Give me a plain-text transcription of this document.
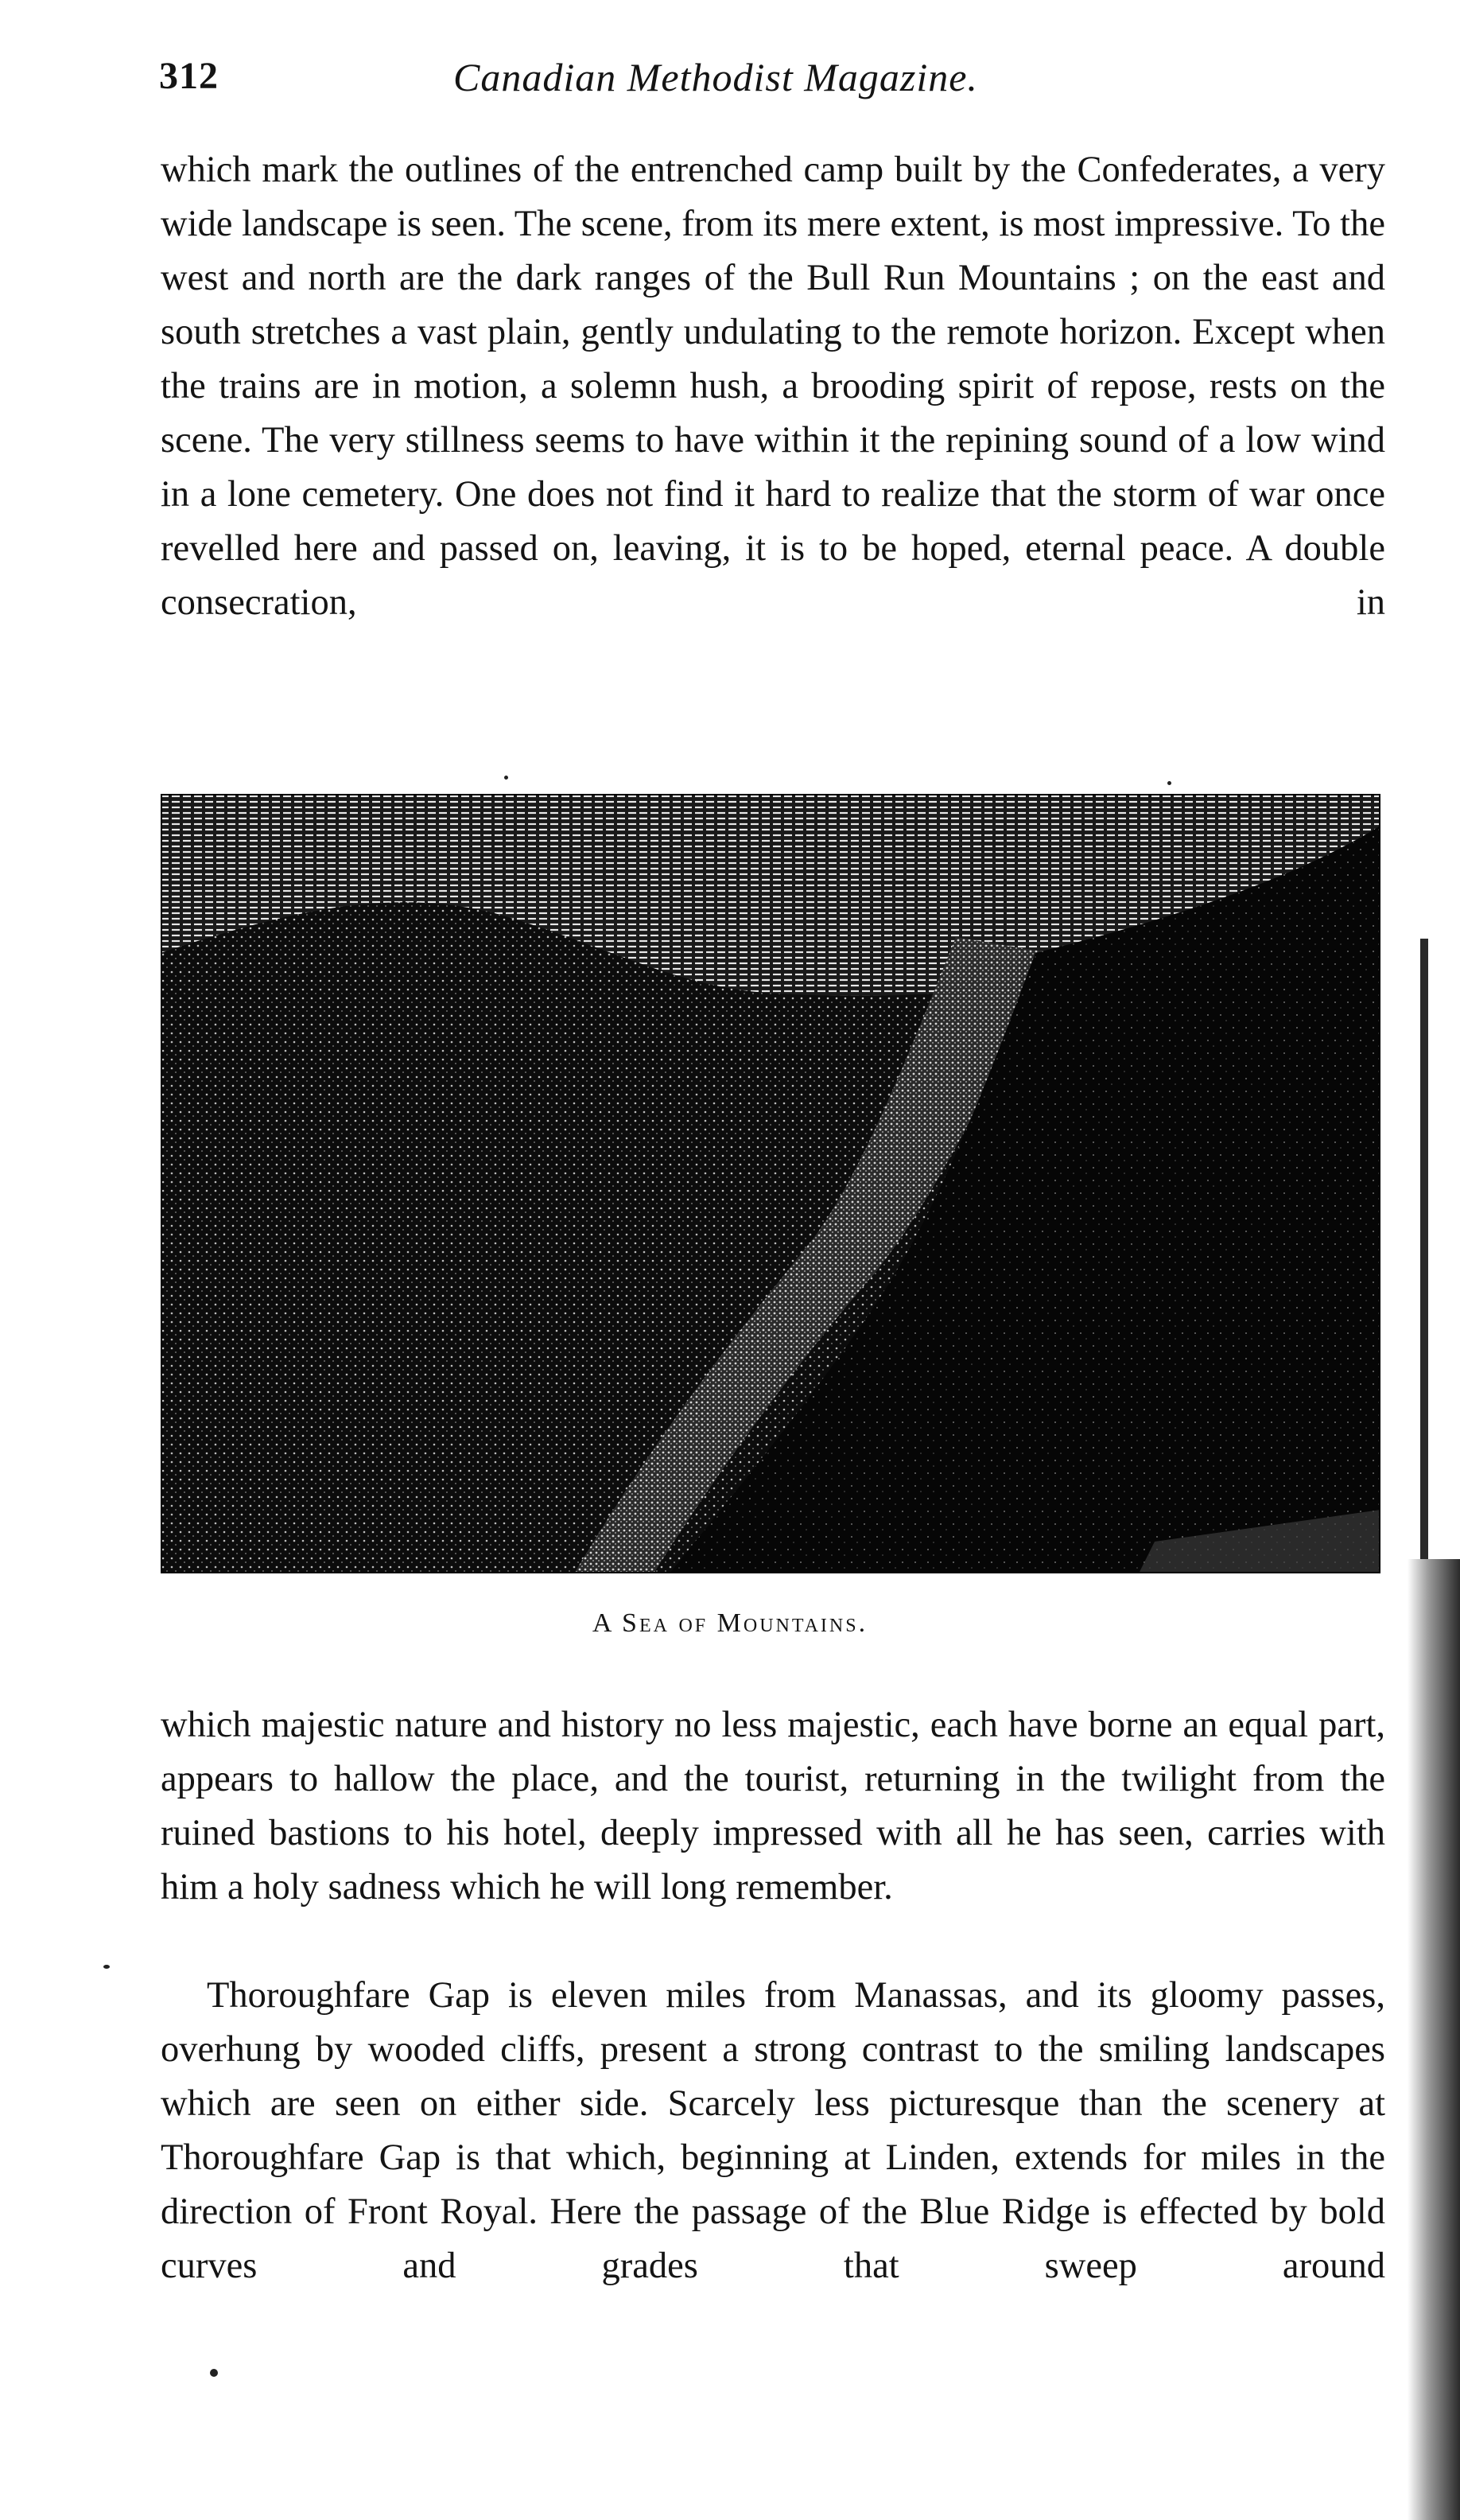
312	Canadian Methodist Magazine.

which mark the outlines of the entrenched camp built by the Confederates, a very wide landscape is seen. The scene, from its mere extent, is most impressive. To the west and north are the dark ranges of the Bull Run Mountains ; on the east and south stretches a vast plain, gently undulating to the remote horizon. Except when the trains are in motion, a solemn hush, a brooding spirit of repose, rests on the scene. The very stillness seems to have within it the repining sound of a low wind in a lone cemetery. One does not find it hard to realize that the storm of war once revelled here and passed on, leaving, it is to be hoped, eternal peace. A double consecration, in

A Sea of Mountains.

which majestic nature and history no less majestic, each have borne an equal part, appears to hallow the place, and the tourist, returning in the twilight from the ruined bastions to his hotel, deeply impressed with all he has seen, carries with him a holy sadness which he will long remember.

Thoroughfare Gap is eleven miles from Manassas, and its gloomy passes, overhung by wooded cliffs, present a strong contrast to the smiling landscapes which are seen on either side. Scarcely less picturesque than the scenery at Thoroughfare Gap is that which, beginning at Linden, extends for miles in the direction of Front Royal. Here the passage of the Blue Ridge is effected by bold curves and grades that sweep around
